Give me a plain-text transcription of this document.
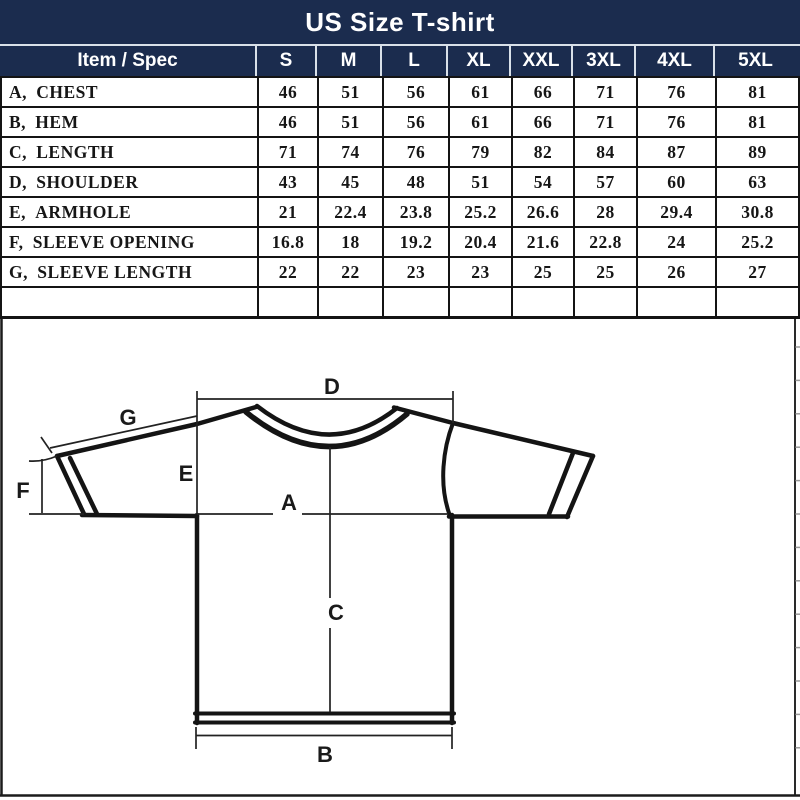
US Size T-shirt
Item / Spec	S	M	L	XL	XXL	3XL	4XL	5XL
A, CHEST	46	51	56	61	66	71	76	81
B, HEM	46	51	56	61	66	71	76	81
C, LENGTH	71	74	76	79	82	84	87	89
D, SHOULDER	43	45	48	51	54	57	60	63
E, ARMHOLE	21	22.4	23.8	25.2	26.6	28	29.4	30.8
F, SLEEVE OPENING	16.8	18	19.2	20.4	21.6	22.8	24	25.2
G, SLEEVE LENGTH	22	22	23	23	25	25	26	27
D
G
E
F	A
C
B
